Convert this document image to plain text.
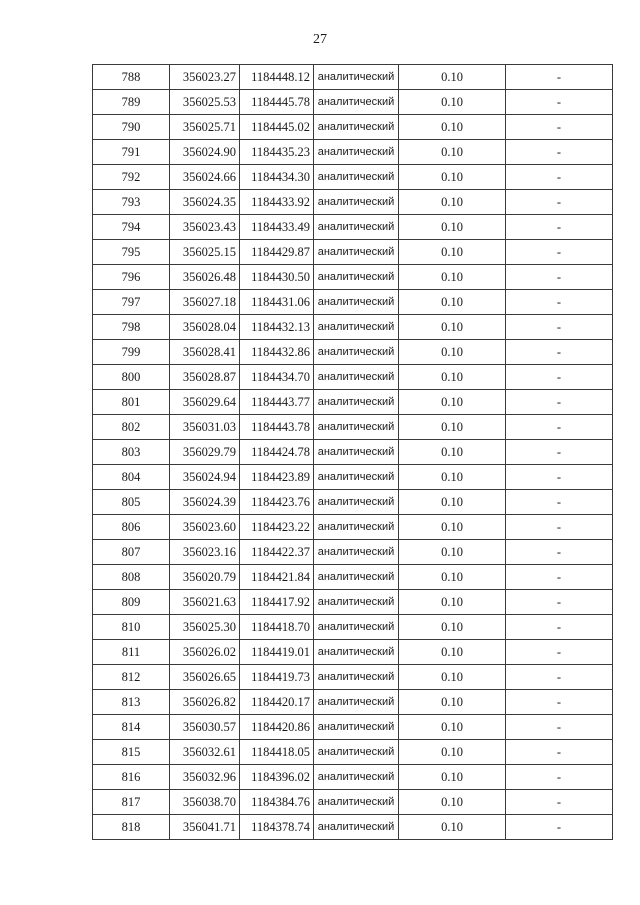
27
788	356023.27	1184448.12	аналитический	0.10	-
789	356025.53	1184445.78	аналитический	0.10	-
790	356025.71	1184445.02	аналитический	0.10	-
791	356024.90	1184435.23	аналитический	0.10	-
792	356024.66	1184434.30	аналитический	0.10	-
793	356024.35	1184433.92	аналитический	0.10	-
794	356023.43	1184433.49	аналитический	0.10	-
795	356025.15	1184429.87	аналитический	0.10	-
796	356026.48	1184430.50	аналитический	0.10	-
797	356027.18	1184431.06	аналитический	0.10	-
798	356028.04	1184432.13	аналитический	0.10	-
799	356028.41	1184432.86	аналитический	0.10	-
800	356028.87	1184434.70	аналитический	0.10	-
801	356029.64	1184443.77	аналитический	0.10	-
802	356031.03	1184443.78	аналитический	0.10	-
803	356029.79	1184424.78	аналитический	0.10	-
804	356024.94	1184423.89	аналитический	0.10	-
805	356024.39	1184423.76	аналитический	0.10	-
806	356023.60	1184423.22	аналитический	0.10	-
807	356023.16	1184422.37	аналитический	0.10	-
808	356020.79	1184421.84	аналитический	0.10	-
809	356021.63	1184417.92	аналитический	0.10	-
810	356025.30	1184418.70	аналитический	0.10	-
811	356026.02	1184419.01	аналитический	0.10	-
812	356026.65	1184419.73	аналитический	0.10	-
813	356026.82	1184420.17	аналитический	0.10	-
814	356030.57	1184420.86	аналитический	0.10	-
815	356032.61	1184418.05	аналитический	0.10	-
816	356032.96	1184396.02	аналитический	0.10	-
817	356038.70	1184384.76	аналитический	0.10	-
818	356041.71	1184378.74	аналитический	0.10	-
